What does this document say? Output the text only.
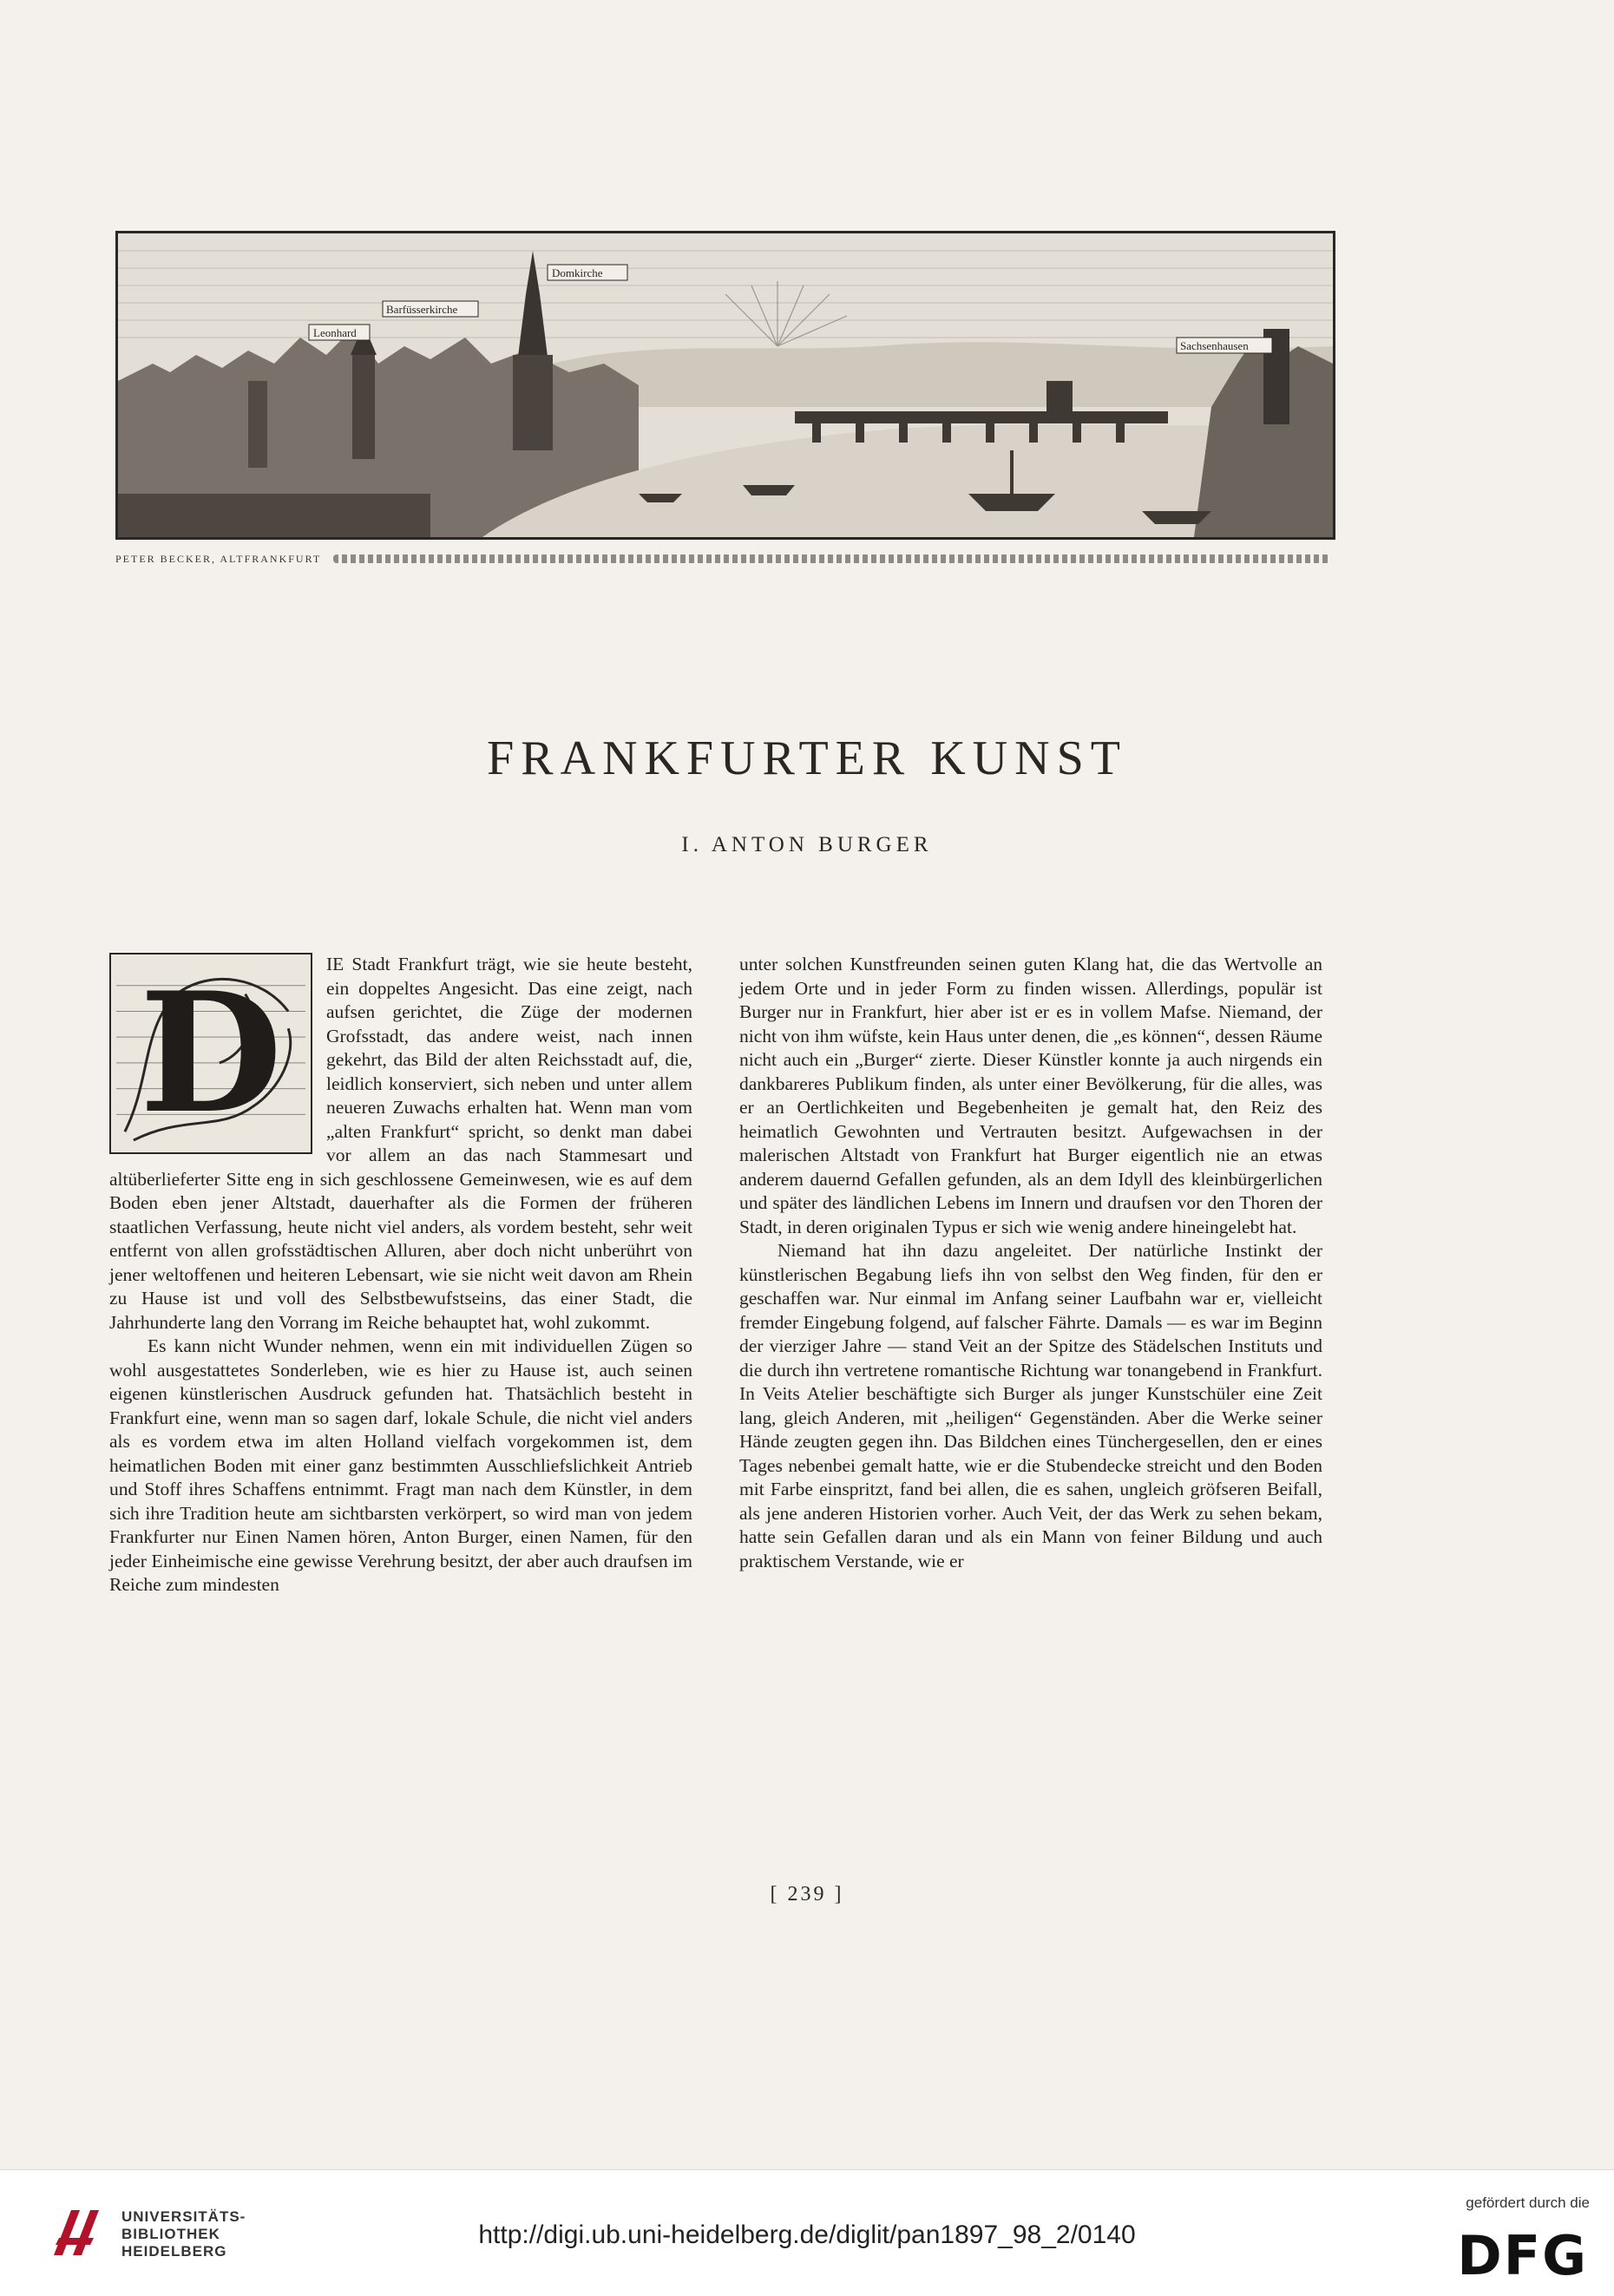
Domkirche
Barfüsserkirche
Leonhard
Sachsenhausen
PETER BECKER, ALTFRANKFURT
FRANKFURTER KUNST
I. ANTON BURGER
D	IE Stadt Frankfurt trägt, wie sie heute besteht, ein doppeltes Angesicht. Das eine zeigt, nach aufsen gerichtet, die Züge der modernen Grofsstadt, das andere weist, nach innen gekehrt, das Bild der alten Reichsstadt auf, die, leidlich konserviert, sich neben und unter allem neueren Zuwachs erhalten hat. Wenn man vom „alten Frankfurt“ spricht, so denkt man dabei vor allem an das nach Stammesart und altüberlieferter Sitte eng in sich geschlossene Gemeinwesen, wie es auf dem Boden eben jener Altstadt, dauerhafter als die Formen der früheren staatlichen Verfassung, heute nicht viel anders, als vordem besteht, sehr weit entfernt von allen grofsstädtischen Alluren, aber doch nicht unberührt von jener weltoffenen und heiteren Lebensart, wie sie nicht weit davon am Rhein zu Hause ist und voll des Selbstbewufstseins, das einer Stadt, die Jahrhunderte lang den Vorrang im Reiche behauptet hat, wohl zukommt.

Es kann nicht Wunder nehmen, wenn ein mit individuellen Zügen so wohl ausgestattetes Sonderleben, wie es hier zu Hause ist, auch seinen eigenen künstlerischen Ausdruck gefunden hat. Thatsächlich besteht in Frankfurt eine, wenn man so sagen darf, lokale Schule, die nicht viel anders als es vordem etwa im alten Holland vielfach vorgekommen ist, dem heimatlichen Boden mit einer ganz bestimmten Ausschliefslichkeit Antrieb und Stoff ihres Schaffens entnimmt. Fragt man nach dem Künstler, in dem sich ihre Tradition heute am sichtbarsten verkörpert, so wird man von jedem Frankfurter nur Einen Namen hören, Anton Burger, einen Namen, für den jeder Einheimische eine gewisse Verehrung besitzt, der aber auch draufsen im Reiche zum mindesten

unter solchen Kunstfreunden seinen guten Klang hat, die das Wertvolle an jedem Orte und in jeder Form zu finden wissen. Allerdings, populär ist Burger nur in Frankfurt, hier aber ist er es in vollem Mafse. Niemand, der nicht von ihm wüfste, kein Haus unter denen, die „es können“, dessen Räume nicht auch ein „Burger“ zierte. Dieser Künstler konnte ja auch nirgends ein dankbareres Publikum finden, als unter einer Bevölkerung, für die alles, was er an Oertlichkeiten und Begebenheiten je gemalt hat, den Reiz des heimatlich Gewohnten und Vertrauten besitzt. Aufgewachsen in der malerischen Altstadt von Frankfurt hat Burger eigentlich nie an etwas anderem dauernd Gefallen gefunden, als an dem Idyll des kleinbürgerlichen und später des ländlichen Lebens im Innern und draufsen vor den Thoren der Stadt, in deren originalen Typus er sich wie wenig andere hineingelebt hat.

Niemand hat ihn dazu angeleitet. Der natürliche Instinkt der künstlerischen Begabung liefs ihn von selbst den Weg finden, für den er geschaffen war. Nur einmal im Anfang seiner Laufbahn war er, vielleicht fremder Eingebung folgend, auf falscher Fährte. Damals — es war im Beginn der vierziger Jahre — stand Veit an der Spitze des Städelschen Instituts und die durch ihn vertretene romantische Richtung war tonangebend in Frankfurt. In Veits Atelier beschäftigte sich Burger als junger Kunstschüler eine Zeit lang, gleich Anderen, mit „heiligen“ Gegenständen. Aber die Werke seiner Hände zeugten gegen ihn. Das Bildchen eines Tünchergesellen, den er eines Tages nebenbei gemalt hatte, wie er die Stubendecke streicht und den Boden mit Farbe einspritzt, fand bei allen, die es sahen, ungleich gröfseren Beifall, als jene anderen Historien vorher. Auch Veit, der das Werk zu sehen bekam, hatte sein Gefallen daran und als ein Mann von feiner Bildung und auch praktischem Verstande, wie er

[ 239 ]
UNIVERSITÄTS-
BIBLIOTHEK
HEIDELBERG
http://digi.ub.uni-heidelberg.de/diglit/pan1897_98_2/0140
gefördert durch die
DFG
